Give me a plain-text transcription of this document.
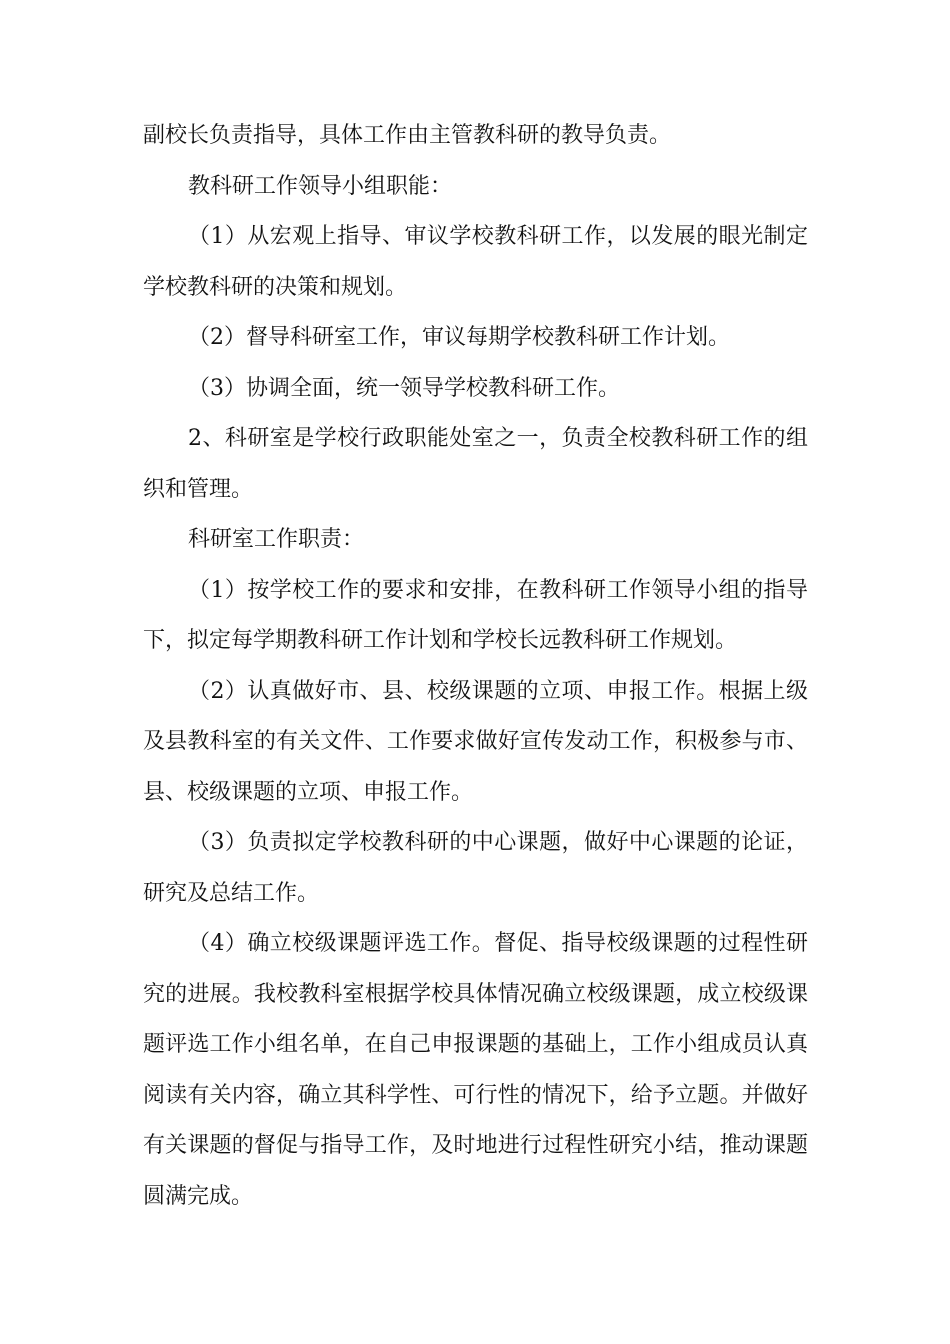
副校长负责指导，具体工作由主管教科研的教导负责。

教科研工作领导小组职能：

（1）从宏观上指导、审议学校教科研工作，以发展的眼光制定学校教科研的决策和规划。

（2）督导科研室工作，审议每期学校教科研工作计划。

（3）协调全面，统一领导学校教科研工作。

2、科研室是学校行政职能处室之一，负责全校教科研工作的组织和管理。

科研室工作职责：

（1）按学校工作的要求和安排，在教科研工作领导小组的指导下，拟定每学期教科研工作计划和学校长远教科研工作规划。

（2）认真做好市、县、校级课题的立项、申报工作。根据上级及县教科室的有关文件、工作要求做好宣传发动工作，积极参与市、县、校级课题的立项、申报工作。

（3）负责拟定学校教科研的中心课题，做好中心课题的论证，研究及总结工作。

（4）确立校级课题评选工作。督促、指导校级课题的过程性研究的进展。我校教科室根据学校具体情况确立校级课题，成立校级课题评选工作小组名单，在自己申报课题的基础上，工作小组成员认真阅读有关内容，确立其科学性、可行性的情况下，给予立题。并做好有关课题的督促与指导工作，及时地进行过程性研究小结，推动课题圆满完成。
